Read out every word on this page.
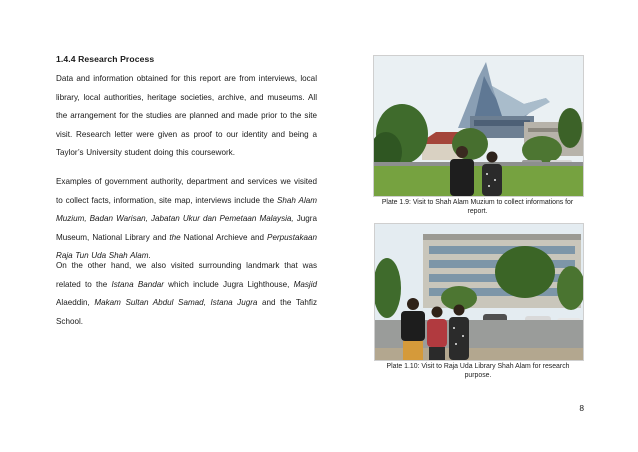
1.4.4 Research Process
Data and information obtained for this report are from interviews, local library, local authorities, heritage societies, archive, and museums. All the arrangement for the studies are planned and made prior to the site visit. Research letter were given as proof to our identity and being a Taylor’s University student doing this coursework.
Examples of government authority, department and services we visited to collect facts, information, site map, interviews include the Shah Alam Muzium, Badan Warisan, Jabatan Ukur dan Pemetaan Malaysia, Jugra Museum, National Library and the National Archieve and Perpustakaan Raja Tun Uda Shah Alam.
On the other hand, we also visited surrounding landmark that was related to the Istana Bandar which include Jugra Lighthouse, Masjid Alaeddin, Makam Sultan Abdul Samad, Istana Jugra and the Tahfiz School.
Plate 1.9: Visit to Shah Alam Muzium to collect informations for report.
Plate 1.10: Visit to Raja Uda Library Shah Alam for research purpose.
8
